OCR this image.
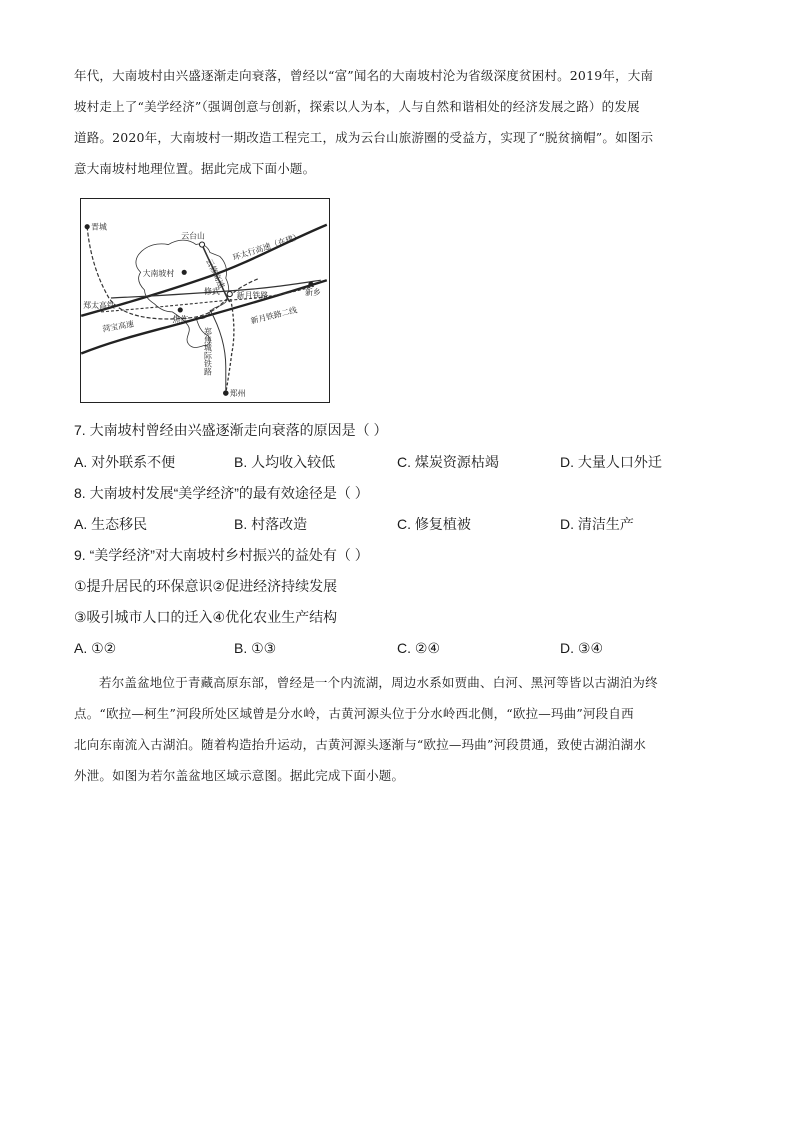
年代，大南坡村由兴盛逐渐走向衰落，曾经以“富”闻名的大南坡村沦为省级深度贫困村。2019年，大南

坡村走上了“美学经济”（强调创意与创新，探索以人为本，人与自然和谐相处的经济发展之路）的发展

道路。2020年，大南坡村一期改造工程完工，成为云台山旅游圈的受益方，实现了“脱贫摘帽”。如图示

意大南坡村地理位置。据此完成下面小题。

晋城
云台山	环太行高速（在建）
大南坡村	云修高速
修武 新月铁路	新乡
郑太高铁
焦作
菏宝高速
新月铁路二线
郑焦城际铁路
郑州
7. 大南坡村曾经由兴盛逐渐走向衰落的原因是（ ）
A. 对外联系不便	B. 人均收入较低	C. 煤炭资源枯竭	D. 大量人口外迁
8. 大南坡村发展“美学经济”的最有效途径是（ ）
A. 生态移民	B. 村落改造	C. 修复植被	D. 清洁生产
9. “美学经济”对大南坡村乡村振兴的益处有（ ）
①提升居民的环保意识②促进经济持续发展
③吸引城市人口的迁入④优化农业生产结构
A. ①②	B. ①③	C. ②④	D. ③④

若尔盖盆地位于青藏高原东部，曾经是一个内流湖，周边水系如贾曲、白河、黑河等皆以古湖泊为终

点。“欧拉—柯生”河段所处区域曾是分水岭，古黄河源头位于分水岭西北侧，“欧拉—玛曲”河段自西

北向东南流入古湖泊。随着构造抬升运动，古黄河源头逐渐与“欧拉—玛曲”河段贯通，致使古湖泊湖水

外泄。如图为若尔盖盆地区域示意图。据此完成下面小题。
